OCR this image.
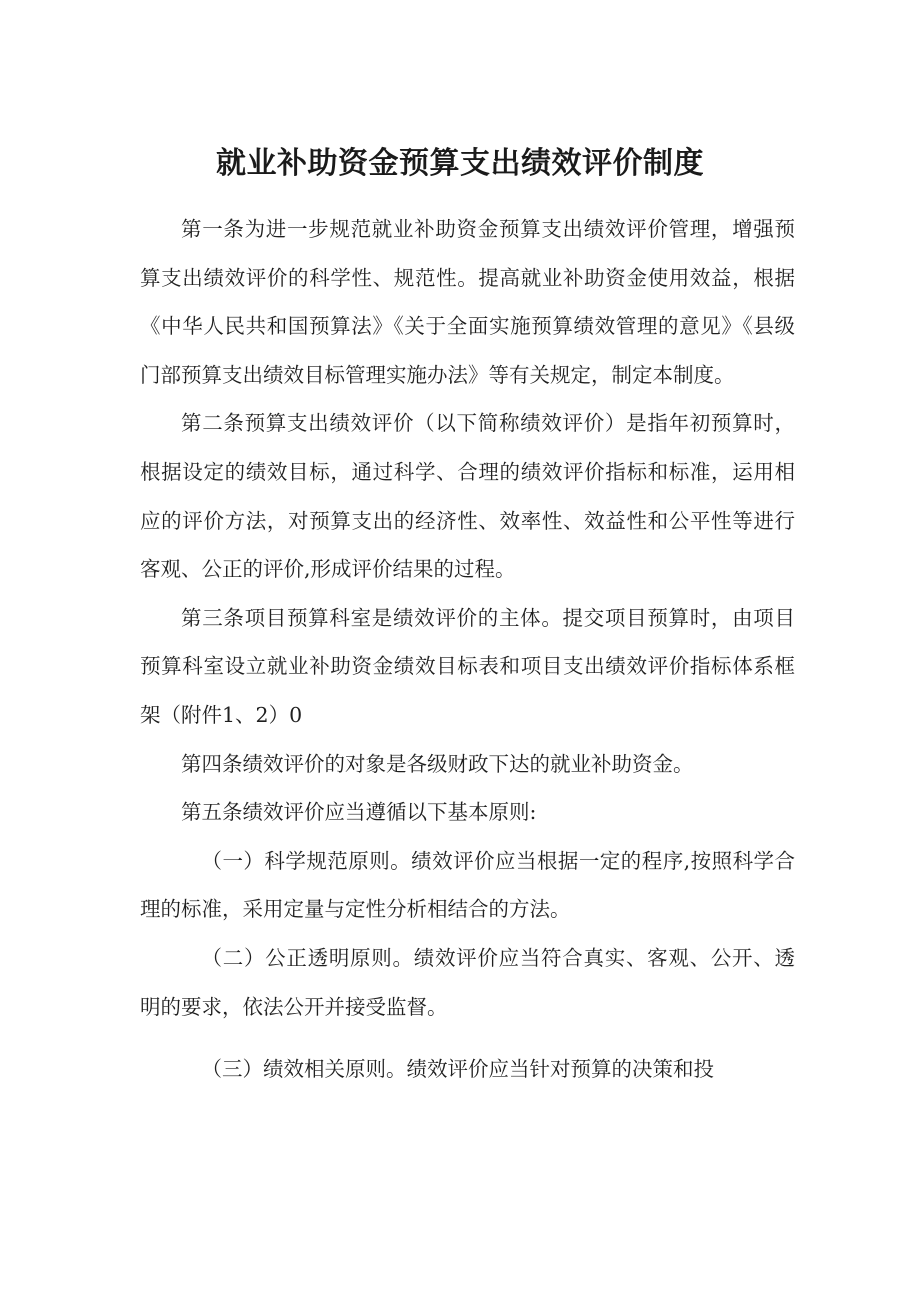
就业补助资金预算支出绩效评价制度

第一条为进一步规范就业补助资金预算支出绩效评价管理，增强预算支出绩效评价的科学性、规范性。提高就业补助资金使用效益，根据《中华人民共和国预算法》《关于全面实施预算绩效管理的意见》《县级门部预算支出绩效目标管理实施办法》等有关规定，制定本制度。

第二条预算支出绩效评价（以下简称绩效评价）是指年初预算时，根据设定的绩效目标，通过科学、合理的绩效评价指标和标准，运用相应的评价方法，对预算支出的经济性、效率性、效益性和公平性等进行客观、公正的评价,形成评价结果的过程。

第三条项目预算科室是绩效评价的主体。提交项目预算时，由项目预算科室设立就业补助资金绩效目标表和项目支出绩效评价指标体系框架（附件1、2）0

第四条绩效评价的对象是各级财政下达的就业补助资金。

第五条绩效评价应当遵循以下基本原则:

（一）科学规范原则。绩效评价应当根据一定的程序,按照科学合理的标准，采用定量与定性分析相结合的方法。

（二）公正透明原则。绩效评价应当符合真实、客观、公开、透明的要求，依法公开并接受监督。

（三）绩效相关原则。绩效评价应当针对预算的决策和投
